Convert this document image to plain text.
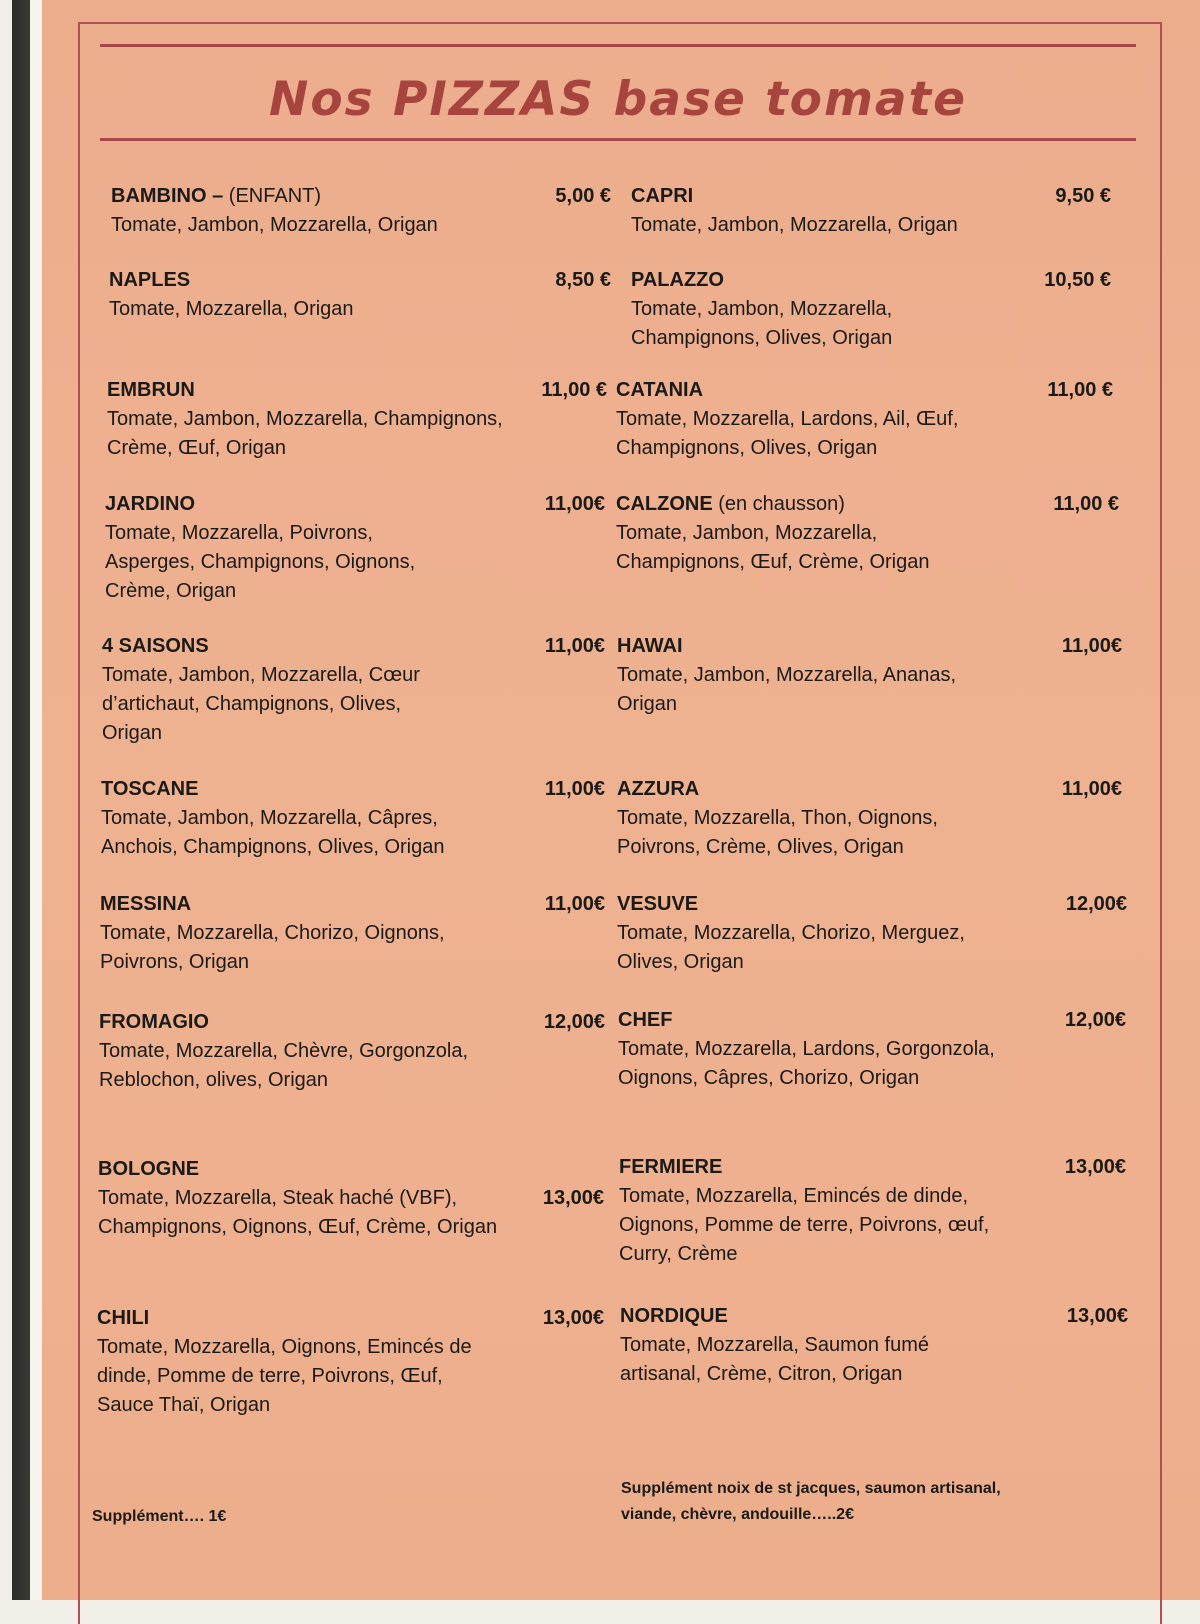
Nos PIZZAS base tomate
BAMBINO – (ENFANT)
Tomate, Jambon, Mozzarella, Origan
5,00 €
NAPLES
Tomate, Mozzarella, Origan
8,50 €
EMBRUN
Tomate, Jambon, Mozzarella, Champignons, Crème, Œuf, Origan
11,00 €
JARDINO
Tomate, Mozzarella, Poivrons, Asperges, Champignons, Oignons, Crème, Origan
11,00€
4 SAISONS
Tomate, Jambon, Mozzarella, Cœur d’artichaut, Champignons, Olives, Origan
11,00€
TOSCANE
Tomate, Jambon, Mozzarella, Câpres, Anchois, Champignons, Olives, Origan
11,00€
MESSINA
Tomate, Mozzarella, Chorizo, Oignons, Poivrons, Origan
11,00€
FROMAGIO
Tomate, Mozzarella, Chèvre, Gorgonzola, Reblochon, olives, Origan
12,00€
BOLOGNE
Tomate, Mozzarella, Steak haché (VBF), Champignons, Oignons, Œuf, Crème, Origan
13,00€
CHILI
Tomate, Mozzarella, Oignons, Emincés de dinde, Pomme de terre, Poivrons, Œuf, Sauce Thaï, Origan
13,00€
CAPRI
Tomate, Jambon, Mozzarella, Origan
9,50 €
PALAZZO
Tomate, Jambon, Mozzarella, Champignons, Olives, Origan
10,50 €
CATANIA
Tomate, Mozzarella, Lardons, Ail, Œuf, Champignons, Olives, Origan
11,00 €
CALZONE (en chausson)
Tomate, Jambon, Mozzarella, Champignons, Œuf, Crème, Origan
11,00 €
HAWAI
Tomate, Jambon, Mozzarella, Ananas, Origan
11,00€
AZZURA
Tomate, Mozzarella, Thon, Oignons, Poivrons, Crème, Olives, Origan
11,00€
VESUVE
Tomate, Mozzarella, Chorizo, Merguez, Olives, Origan
12,00€
CHEF
Tomate, Mozzarella, Lardons, Gorgonzola, Oignons, Câpres, Chorizo, Origan
12,00€
FERMIERE
Tomate, Mozzarella, Emincés de dinde, Oignons, Pomme de terre, Poivrons, œuf, Curry, Crème
13,00€
NORDIQUE
Tomate, Mozzarella, Saumon fumé artisanal, Crème, Citron, Origan
13,00€
Supplément…. 1€
Supplément noix de st jacques, saumon artisanal, viande, chèvre, andouille…..2€
